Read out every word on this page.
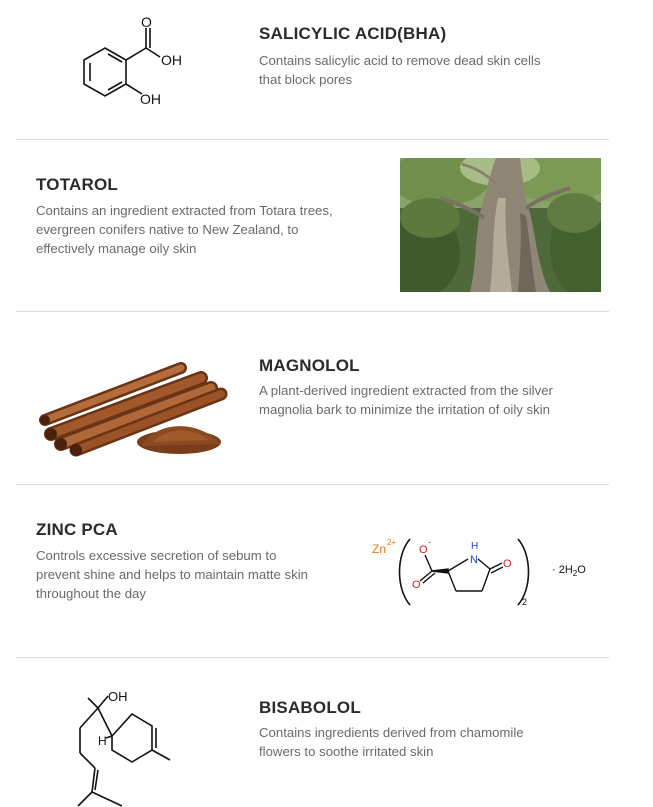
O
OH
OH
SALICYLIC ACID(BHA)
Contains salicylic acid to remove dead skin cells
that block pores
TOTAROL
Contains an ingredient extracted from Totara trees,
evergreen conifers native to New Zealand, to
effectively manage oily skin
MAGNOLOL
A plant-derived ingredient extracted from the silver
magnolia bark to minimize the irritation of oily skin
ZINC PCA
Controls excessive secretion of sebum to
prevent shine and helps to maintain matte skin
throughout the day
Zn 2+
2
O
-
O
H
N O	· $2H_2O$
OH
H
BISABOLOL
Contains ingredients derived from chamomile
flowers to soothe irritated skin
